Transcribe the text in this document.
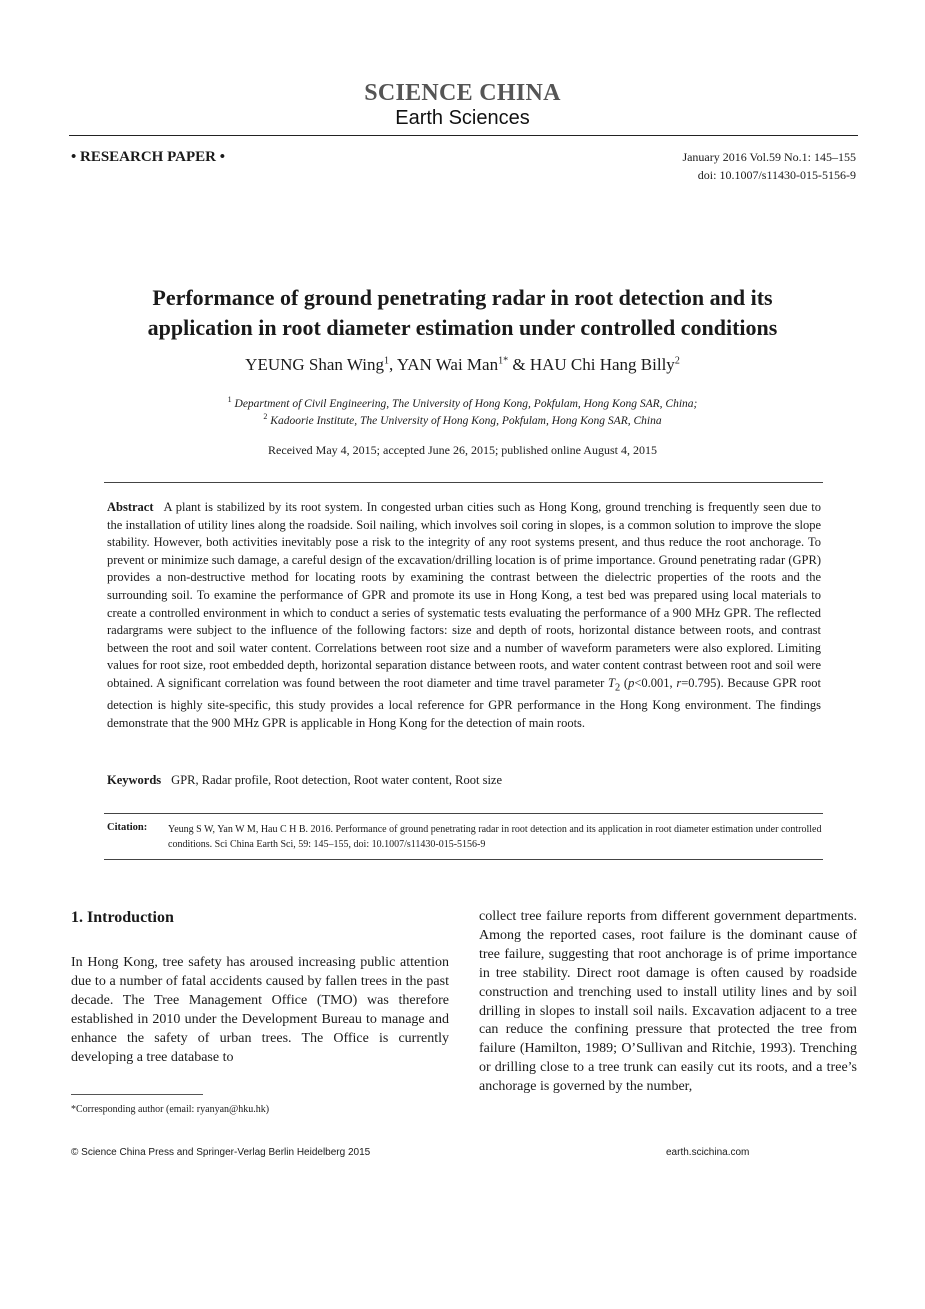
SCIENCE CHINA
Earth Sciences
• RESEARCH PAPER •	January 2016 Vol.59 No.1: 145–155
doi: 10.1007/s11430-015-5156-9
Performance of ground penetrating radar in root detection and its
application in root diameter estimation under controlled conditions
YEUNG Shan Wing$^1$, YAN Wai Man$^{1*}$ & HAU Chi Hang Billy$^2$
$^1$ Department of Civil Engineering, The University of Hong Kong, Pokfulam, Hong Kong SAR, China;
$^2$ Kadoorie Institute, The University of Hong Kong, Pokfulam, Hong Kong SAR, China
Received May 4, 2015; accepted June 26, 2015; published online August 4, 2015
Abstract A plant is stabilized by its root system. In congested urban cities such as Hong Kong, ground trenching is frequently seen due to the installation of utility lines along the roadside. Soil nailing, which involves soil coring in slopes, is a common solution to improve the slope stability. However, both activities inevitably pose a risk to the integrity of any root systems present, and thus reduce the root anchorage. To prevent or minimize such damage, a careful design of the excavation/drilling location is of prime importance. Ground penetrating radar (GPR) provides a non-destructive method for locating roots by examining the contrast between the dielectric properties of the roots and the surrounding soil. To examine the performance of GPR and promote its use in Hong Kong, a test bed was prepared using local materials to create a controlled environment in which to conduct a series of systematic tests evaluating the performance of a 900 MHz GPR. The reflected radargrams were subject to the influence of the following factors: size and depth of roots, horizontal distance between roots, and contrast between the root and soil water content. Correlations between root size and a number of waveform parameters were also explored. Limiting values for root size, root embedded depth, horizontal separation distance between roots, and water content contrast between root and soil were obtained. A significant correlation was found between the root diameter and time travel parameter $T_2$ (p<0.001, r=0.795). Because GPR root detection is highly site-specific, this study provides a local reference for GPR performance in the Hong Kong environment. The findings demonstrate that the 900 MHz GPR is applicable in Hong Kong for the detection of main roots.
Keywords GPR, Radar profile, Root detection, Root water content, Root size
Citation: Yeung S W, Yan W M, Hau C H B. 2016. Performance of ground penetrating radar in root detection and its application in root diameter estimation under controlled conditions. Sci China Earth Sci, 59: 145–155, doi: 10.1007/s11430-015-5156-9
1. Introduction
In Hong Kong, tree safety has aroused increasing public attention due to a number of fatal accidents caused by fallen trees in the past decade. The Tree Management Office (TMO) was therefore established in 2010 under the Development Bureau to manage and enhance the safety of urban trees. The Office is currently developing a tree database to
collect tree failure reports from different government departments. Among the reported cases, root failure is the dominant cause of tree failure, suggesting that root anchorage is of prime importance in tree stability. Direct root damage is often caused by roadside construction and trenching used to install utility lines and by soil drilling in slopes to install soil nails. Excavation adjacent to a tree can reduce the confining pressure that protected the tree from failure (Hamilton, 1989; O’Sullivan and Ritchie, 1993). Trenching or drilling close to a tree trunk can easily cut its roots, and a tree’s anchorage is governed by the number,
*Corresponding author (email: ryanyan@hku.hk)
© Science China Press and Springer-Verlag Berlin Heidelberg 2015	earth.scichina.com
